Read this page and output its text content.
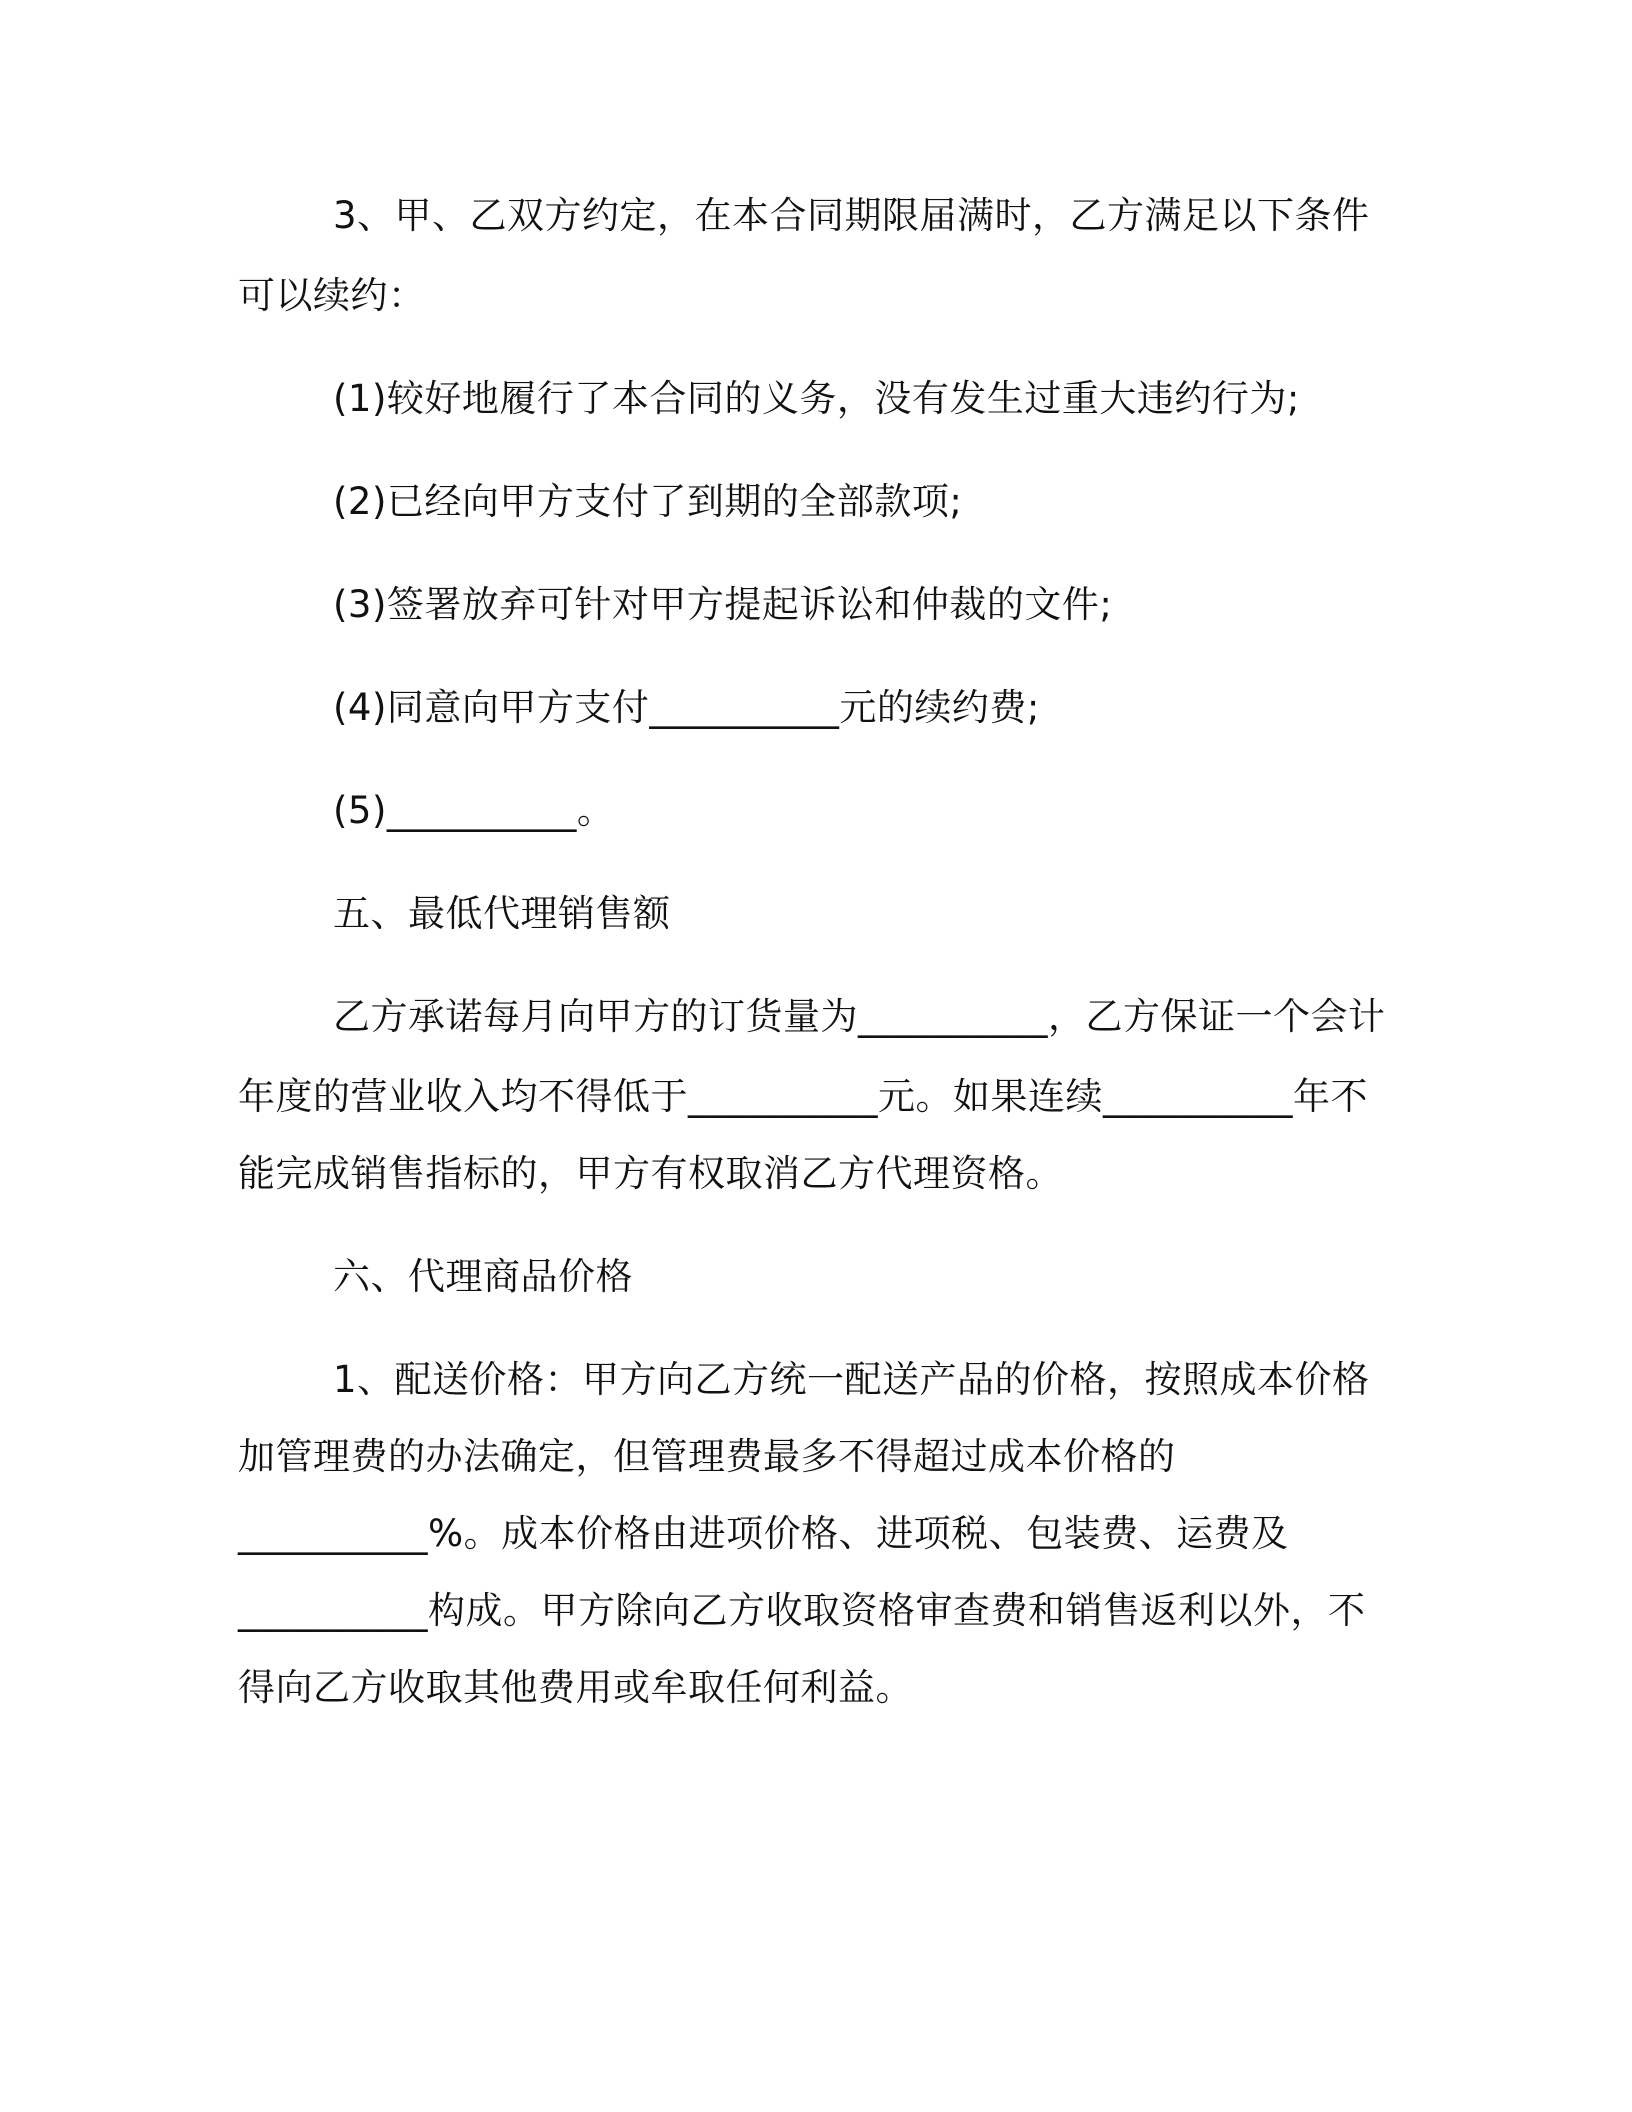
3、甲、乙双方约定，在本合同期限届满时，乙方满足以下条件
可以续约：
(1)较好地履行了本合同的义务，没有发生过重大违约行为;
(2)已经向甲方支付了到期的全部款项;
(3)签署放弃可针对甲方提起诉讼和仲裁的文件;
(4)同意向甲方支付__________元的续约费;
(5)__________。
五、最低代理销售额
乙方承诺每月向甲方的订货量为__________，乙方保证一个会计
年度的营业收入均不得低于__________元。如果连续__________年不
能完成销售指标的，甲方有权取消乙方代理资格。
六、代理商品价格
1、配送价格：甲方向乙方统一配送产品的价格，按照成本价格
加管理费的办法确定，但管理费最多不得超过成本价格的
__________%。成本价格由进项价格、进项税、包装费、运费及
__________构成。甲方除向乙方收取资格审查费和销售返利以外，不
得向乙方收取其他费用或牟取任何利益。
